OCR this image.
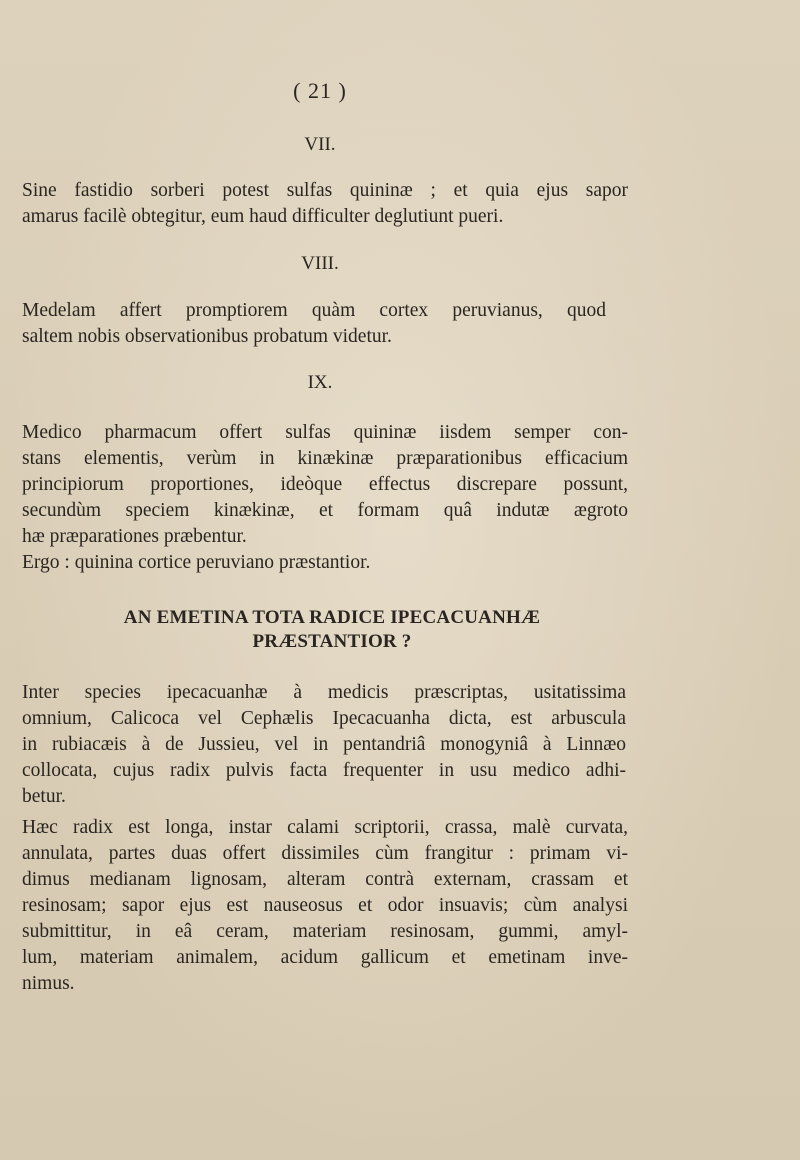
( 21 )
VII.
Sine fastidio sorberi potest sulfas quininæ ; et quia ejus sapor
amarus facilè obtegitur, eum haud difficulter deglutiunt pueri.
VIII.
Medelam affert promptiorem quàm cortex peruvianus, quod
saltem nobis observationibus probatum videtur.
IX.
Medico pharmacum offert sulfas quininæ iisdem semper con-
stans elementis, verùm in kinækinæ præparationibus efficacium
principiorum proportiones, ideòque effectus discrepare possunt,
secundùm speciem kinækinæ, et formam quâ indutæ ægroto
hæ præparationes præbentur.
Ergo : quinina cortice peruviano præstantior.
AN EMETINA TOTA RADICE IPECACUANHÆ
PRÆSTANTIOR ?
Inter species ipecacuanhæ à medicis præscriptas, usitatissima
omnium, Calicoca vel Cephælis Ipecacuanha dicta, est arbuscula
in rubiacæis à de Jussieu, vel in pentandriâ monogyniâ à Linnæo
collocata, cujus radix pulvis facta frequenter in usu medico adhi-
betur.
Hæc radix est longa, instar calami scriptorii, crassa, malè curvata,
annulata, partes duas offert dissimiles cùm frangitur : primam vi-
dimus medianam lignosam, alteram contrà externam, crassam et
resinosam; sapor ejus est nauseosus et odor insuavis; cùm analysi
submittitur, in eâ ceram, materiam resinosam, gummi, amyl-
lum, materiam animalem, acidum gallicum et emetinam inve-
nimus.
